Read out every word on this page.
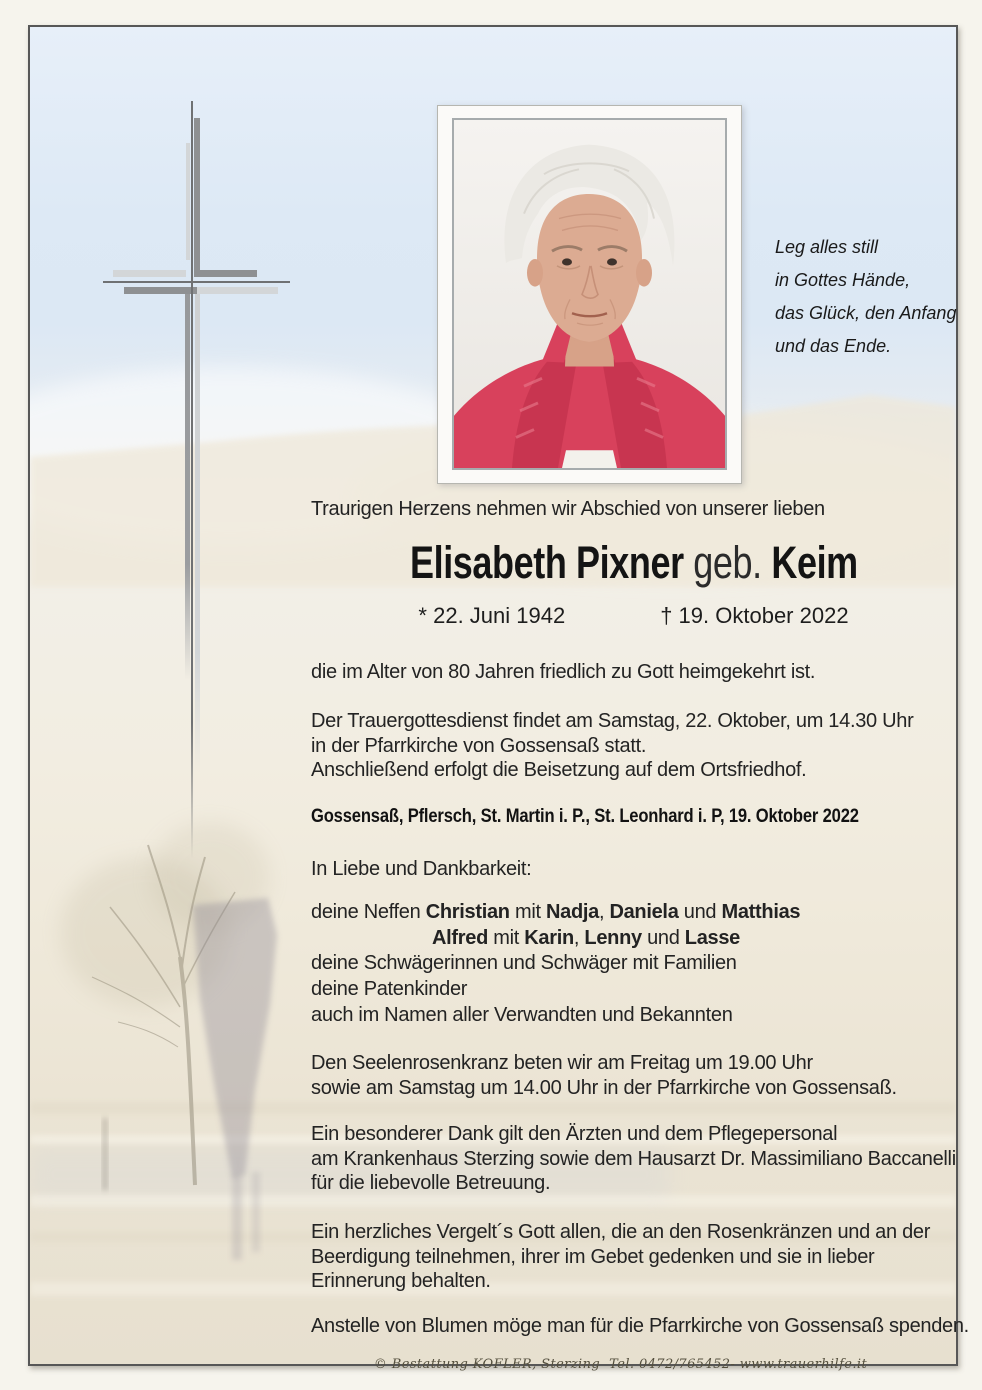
Leg alles still
in Gottes Hände,
das Glück, den Anfang
und das Ende.
Traurigen Herzens nehmen wir Abschied von unserer lieben
Elisabeth Pixner geb. Keim
* 22. Juni 1942	† 19. Oktober 2022
die im Alter von 80 Jahren friedlich zu Gott heimgekehrt ist.
Der Trauergottesdienst findet am Samstag, 22. Oktober, um 14.30 Uhr
in der Pfarrkirche von Gossensaß statt.
Anschließend erfolgt die Beisetzung auf dem Ortsfriedhof.
Gossensaß, Pflersch, St. Martin i. P., St. Leonhard i. P, 19. Oktober 2022
In Liebe und Dankbarkeit:
deine Neffen Christian mit Nadja, Daniela und Matthias
Alfred mit Karin, Lenny und Lasse
deine Schwägerinnen und Schwäger mit Familien
deine Patenkinder
auch im Namen aller Verwandten und Bekannten
Den Seelenrosenkranz beten wir am Freitag um 19.00 Uhr
sowie am Samstag um 14.00 Uhr in der Pfarrkirche von Gossensaß.
Ein besonderer Dank gilt den Ärzten und dem Pflegepersonal
am Krankenhaus Sterzing sowie dem Hausarzt Dr. Massimiliano Baccanelli
für die liebevolle Betreuung.
Ein herzliches Vergelt´s Gott allen, die an den Rosenkränzen und an der
Beerdigung teilnehmen, ihrer im Gebet gedenken und sie in lieber
Erinnerung behalten.
Anstelle von Blumen möge man für die Pfarrkirche von Gossensaß spenden.
© Bestattung KOFLER, Sterzing  Tel. 0472/765452- www.trauerhilfe.it
